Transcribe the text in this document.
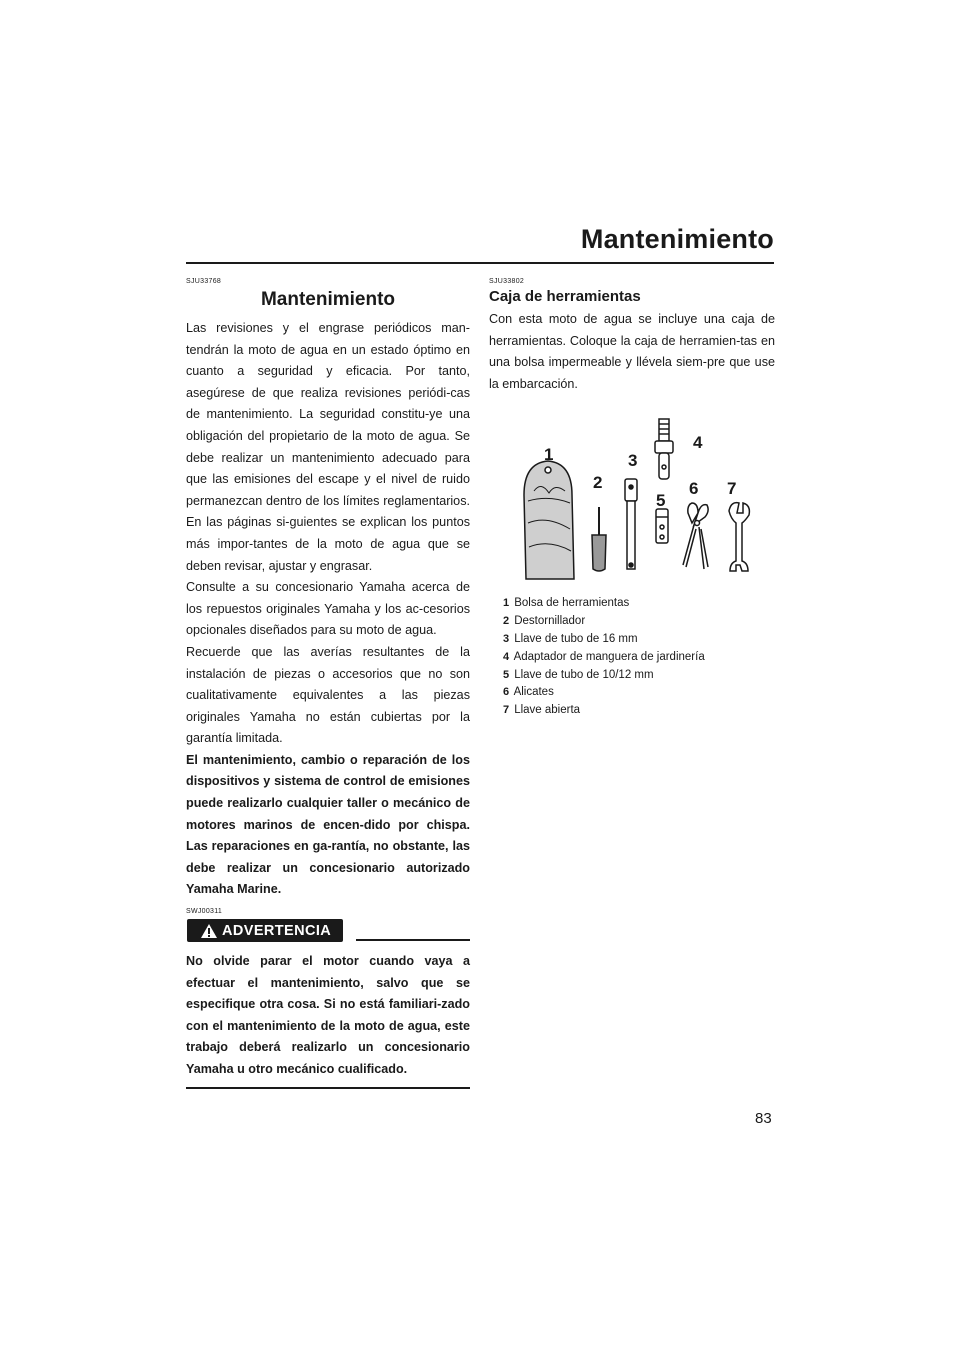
Mantenimiento
SJU33768
Mantenimiento

Las revisiones y el engrase periódicos man-tendrán la moto de agua en un estado óptimo en cuanto a seguridad y eficacia. Por tanto, asegúrese de que realiza revisiones periódi-cas de mantenimiento. La seguridad constitu-ye una obligación del propietario de la moto de agua. Se debe realizar un mantenimiento adecuado para que las emisiones del escape y el nivel de ruido permanezcan dentro de los límites reglamentarios. En las páginas si-guientes se explican los puntos más impor-tantes de la moto de agua que se deben revisar, ajustar y engrasar.

Consulte a su concesionario Yamaha acerca de los repuestos originales Yamaha y los ac-cesorios opcionales diseñados para su moto de agua.

Recuerde que las averías resultantes de la instalación de piezas o accesorios que no son cualitativamente equivalentes a las piezas originales Yamaha no están cubiertas por la garantía limitada.

El mantenimiento, cambio o reparación de los dispositivos y sistema de control de emisiones puede realizarlo cualquier taller o mecánico de motores marinos de encen-dido por chispa. Las reparaciones en ga-rantía, no obstante, las debe realizar un concesionario autorizado Yamaha Marine.

SWJ00311
ADVERTENCIA

No olvide parar el motor cuando vaya a efectuar el mantenimiento, salvo que se especifique otra cosa. Si no está familiari-zado con el mantenimiento de la moto de agua, este trabajo deberá realizarlo un concesionario Yamaha u otro mecánico cualificado.

SJU33802
Caja de herramientas

Con esta moto de agua se incluye una caja de herramientas. Coloque la caja de herramien-tas en una bolsa impermeable y llévela siem-pre que use la embarcación.

1
2
3
4
5
6 7
1 Bolsa de herramientas
2 Destornillador
3 Llave de tubo de 16 mm
4 Adaptador de manguera de jardinería
5 Llave de tubo de 10/12 mm
6 Alicates
7 Llave abierta
83
